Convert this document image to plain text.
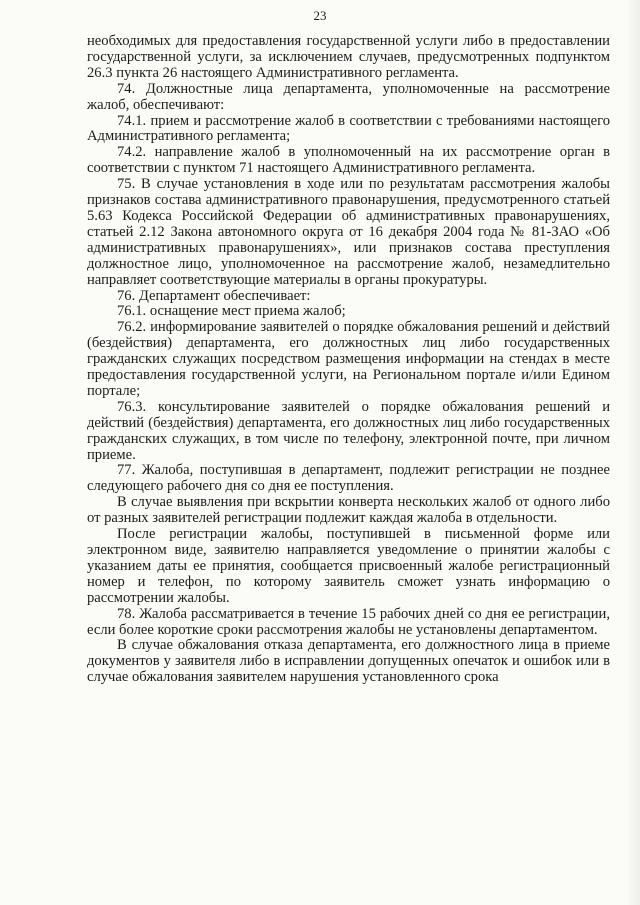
23

необходимых для предоставления государственной услуги либо в предоставлении государственной услуги, за исключением случаев, предусмотренных подпунктом 26.3 пункта 26 настоящего Административного регламента.

74. Должностные лица департамента, уполномоченные на рассмотрение жалоб, обеспечивают:

74.1. прием и рассмотрение жалоб в соответствии с требованиями настоящего Административного регламента;

74.2. направление жалоб в уполномоченный на их рассмотрение орган в соответствии с пунктом 71 настоящего Административного регламента.

75. В случае установления в ходе или по результатам рассмотрения жалобы признаков состава административного правонарушения, предусмотренного статьей 5.63 Кодекса Российской Федерации об административных правонарушениях, статьей 2.12 Закона автономного округа от 16 декабря 2004 года № 81-ЗАО «Об административных правонарушениях», или признаков состава преступления должностное лицо, уполномоченное на рассмотрение жалоб, незамедлительно направляет соответствующие материалы в органы прокуратуры.

76. Департамент обеспечивает:

76.1. оснащение мест приема жалоб;

76.2. информирование заявителей о порядке обжалования решений и действий (бездействия) департамента, его должностных лиц либо государственных гражданских служащих посредством размещения информации на стендах в месте предоставления государственной услуги, на Региональном портале и/или Едином портале;

76.3. консультирование заявителей о порядке обжалования решений и действий (бездействия) департамента, его должностных лиц либо государственных гражданских служащих, в том числе по телефону, электронной почте, при личном приеме.

77. Жалоба, поступившая в департамент, подлежит регистрации не позднее следующего рабочего дня со дня ее поступления.

В случае выявления при вскрытии конверта нескольких жалоб от одного либо от разных заявителей регистрации подлежит каждая жалоба в отдельности.

После регистрации жалобы, поступившей в письменной форме или электронном виде, заявителю направляется уведомление о принятии жалобы с указанием даты ее принятия, сообщается присвоенный жалобе регистрационный номер и телефон, по которому заявитель сможет узнать информацию о рассмотрении жалобы.

78. Жалоба рассматривается в течение 15 рабочих дней со дня ее регистрации, если более короткие сроки рассмотрения жалобы не установлены департаментом.

В случае обжалования отказа департамента, его должностного лица в приеме документов у заявителя либо в исправлении допущенных опечаток и ошибок или в случае обжалования заявителем нарушения установленного срока
